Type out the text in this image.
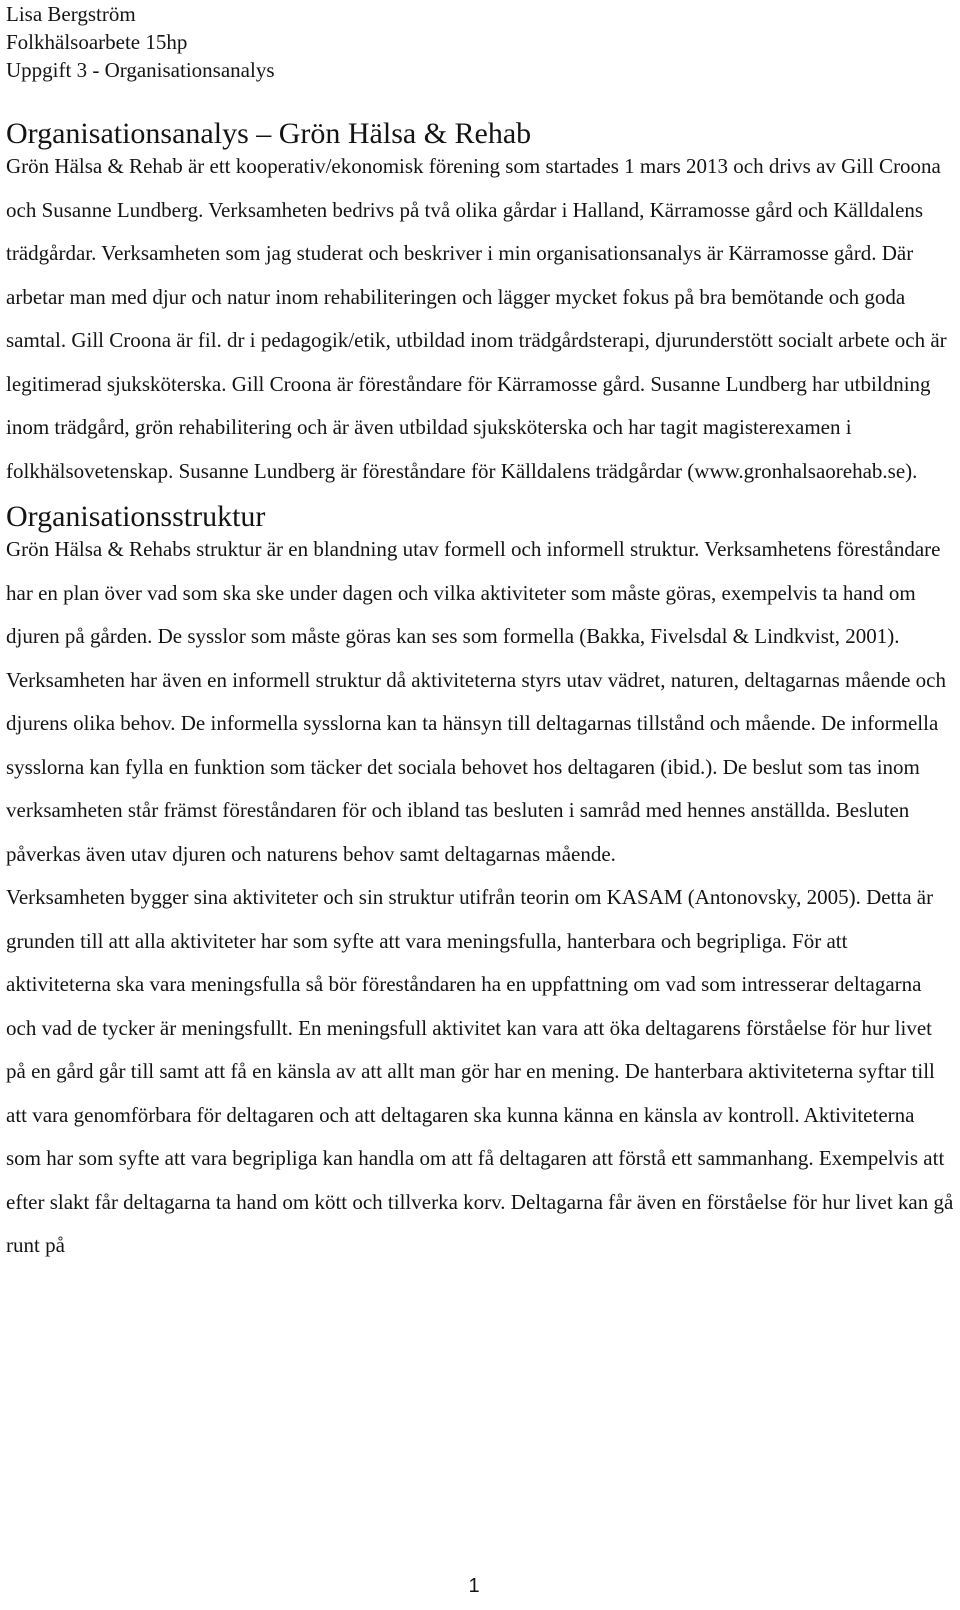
Lisa Bergström

Folkhälsoarbete 15hp

Uppgift 3 - Organisationsanalys

Organisationsanalys – Grön Hälsa & Rehab

Grön Hälsa & Rehab är ett kooperativ/ekonomisk förening som startades 1 mars 2013 och drivs av Gill Croona och Susanne Lundberg. Verksamheten bedrivs på två olika gårdar i Halland, Kärramosse gård och Källdalens trädgårdar. Verksamheten som jag studerat och beskriver i min organisationsanalys är Kärramosse gård. Där arbetar man med djur och natur inom rehabiliteringen och lägger mycket fokus på bra bemötande och goda samtal. Gill Croona är fil. dr i pedagogik/etik, utbildad inom trädgårdsterapi, djurunderstött socialt arbete och är legitimerad sjuksköterska. Gill Croona är föreståndare för Kärramosse gård. Susanne Lundberg har utbildning inom trädgård, grön rehabilitering och är även utbildad sjuksköterska och har tagit magisterexamen i folkhälsovetenskap. Susanne Lundberg är föreståndare för Källdalens trädgårdar (www.gronhalsaorehab.se).

Organisationsstruktur

Grön Hälsa & Rehabs struktur är en blandning utav formell och informell struktur. Verksamhetens föreståndare har en plan över vad som ska ske under dagen och vilka aktiviteter som måste göras, exempelvis ta hand om djuren på gården. De sysslor som måste göras kan ses som formella (Bakka, Fivelsdal & Lindkvist, 2001). Verksamheten har även en informell struktur då aktiviteterna styrs utav vädret, naturen, deltagarnas mående och djurens olika behov. De informella sysslorna kan ta hänsyn till deltagarnas tillstånd och mående. De informella sysslorna kan fylla en funktion som täcker det sociala behovet hos deltagaren (ibid.). De beslut som tas inom verksamheten står främst föreståndaren för och ibland tas besluten i samråd med hennes anställda. Besluten påverkas även utav djuren och naturens behov samt deltagarnas mående.

Verksamheten bygger sina aktiviteter och sin struktur utifrån teorin om KASAM (Antonovsky, 2005). Detta är grunden till att alla aktiviteter har som syfte att vara meningsfulla, hanterbara och begripliga. För att aktiviteterna ska vara meningsfulla så bör föreståndaren ha en uppfattning om vad som intresserar deltagarna och vad de tycker är meningsfullt. En meningsfull aktivitet kan vara att öka deltagarens förståelse för hur livet på en gård går till samt att få en känsla av att allt man gör har en mening. De hanterbara aktiviteterna syftar till att vara genomförbara för deltagaren och att deltagaren ska kunna känna en känsla av kontroll. Aktiviteterna som har som syfte att vara begripliga kan handla om att få deltagaren att förstå ett sammanhang. Exempelvis att efter slakt får deltagarna ta hand om kött och tillverka korv. Deltagarna får även en förståelse för hur livet kan gå runt på

1
